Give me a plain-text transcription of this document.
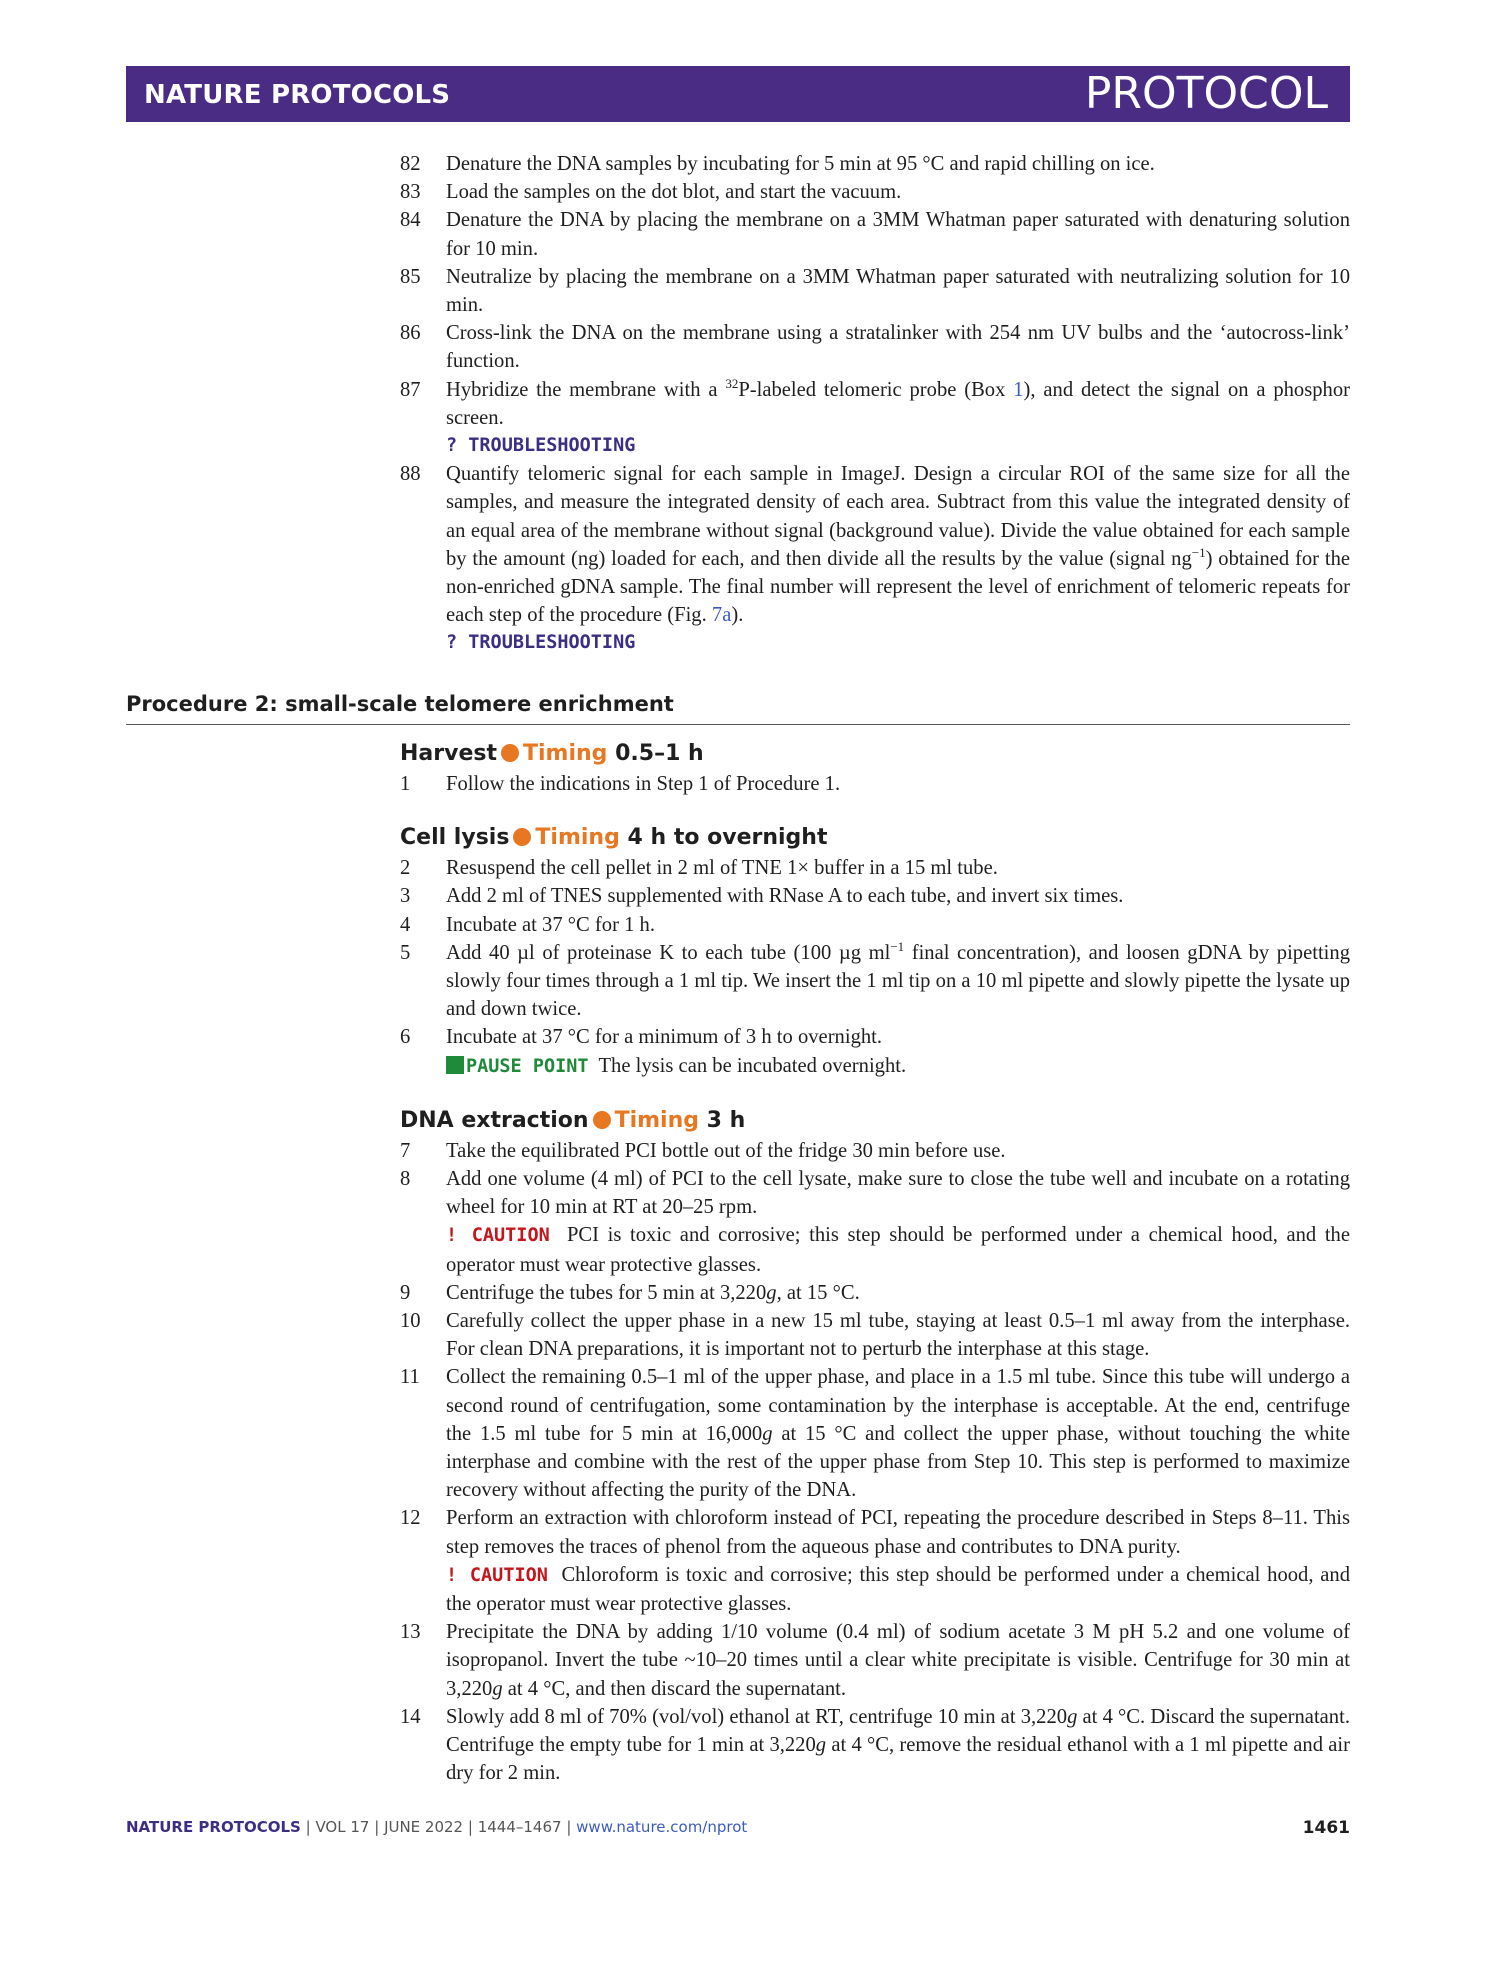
NATURE PROTOCOLS	PROTOCOL
82 Denature the DNA samples by incubating for 5 min at 95 °C and rapid chilling on ice.
83 Load the samples on the dot blot, and start the vacuum.
84 Denature the DNA by placing the membrane on a 3MM Whatman paper saturated with denaturing solution for 10 min.
85 Neutralize by placing the membrane on a 3MM Whatman paper saturated with neutralizing solution for 10 min.
86 Cross-link the DNA on the membrane using a stratalinker with 254 nm UV bulbs and the ‘autocross-link’ function.
87 Hybridize the membrane with a $^{32}$P-labeled telomeric probe (Box 1), and detect the signal on a phosphor screen.
? TROUBLESHOOTING
88 Quantify telomeric signal for each sample in ImageJ. Design a circular ROI of the same size for all the samples, and measure the integrated density of each area. Subtract from this value the integrated density of an equal area of the membrane without signal (background value). Divide the value obtained for each sample by the amount (ng) loaded for each, and then divide all the results by the value (signal $ng^{-1}$) obtained for the non-enriched gDNA sample. The final number will represent the level of enrichment of telomeric repeats for each step of the procedure (Fig. 7a).
? TROUBLESHOOTING
Procedure 2: small-scale telomere enrichment
Harvest Timing 0.5–1 h
1 Follow the indications in Step 1 of Procedure 1.
Cell lysis Timing 4 h to overnight
2 Resuspend the cell pellet in 2 ml of TNE 1× buffer in a 15 ml tube.
3 Add 2 ml of TNES supplemented with RNase A to each tube, and invert six times.
4 Incubate at 37 °C for 1 h.
5 Add 40 µl of proteinase K to each tube (100 µg $ml^{-1}$ final concentration), and loosen gDNA by pipetting slowly four times through a 1 ml tip. We insert the 1 ml tip on a 10 ml pipette and slowly pipette the lysate up and down twice.
6 Incubate at 37 °C for a minimum of 3 h to overnight.
PAUSE POINT The lysis can be incubated overnight.
DNA extraction Timing 3 h
7 Take the equilibrated PCI bottle out of the fridge 30 min before use.
8 Add one volume (4 ml) of PCI to the cell lysate, make sure to close the tube well and incubate on a rotating wheel for 10 min at RT at 20–25 rpm.
! CAUTION PCI is toxic and corrosive; this step should be performed under a chemical hood, and the operator must wear protective glasses.
9 Centrifuge the tubes for 5 min at 3,220g, at 15 °C.
10 Carefully collect the upper phase in a new 15 ml tube, staying at least 0.5–1 ml away from the interphase. For clean DNA preparations, it is important not to perturb the interphase at this stage.
11 Collect the remaining 0.5–1 ml of the upper phase, and place in a 1.5 ml tube. Since this tube will undergo a second round of centrifugation, some contamination by the interphase is acceptable. At the end, centrifuge the 1.5 ml tube for 5 min at 16,000g at 15 °C and collect the upper phase, without touching the white interphase and combine with the rest of the upper phase from Step 10. This step is performed to maximize recovery without affecting the purity of the DNA.
12 Perform an extraction with chloroform instead of PCI, repeating the procedure described in Steps 8–11. This step removes the traces of phenol from the aqueous phase and contributes to DNA purity.
! CAUTION Chloroform is toxic and corrosive; this step should be performed under a chemical hood, and the operator must wear protective glasses.
13 Precipitate the DNA by adding 1/10 volume (0.4 ml) of sodium acetate 3 M pH 5.2 and one volume of isopropanol. Invert the tube ~10–20 times until a clear white precipitate is visible. Centrifuge for 30 min at 3,220g at 4 °C, and then discard the supernatant.
14 Slowly add 8 ml of 70% (vol/vol) ethanol at RT, centrifuge 10 min at 3,220g at 4 °C. Discard the supernatant. Centrifuge the empty tube for 1 min at 3,220g at 4 °C, remove the residual ethanol with a 1 ml pipette and air dry for 2 min.
NATURE PROTOCOLS | VOL 17 | JUNE 2022 | 1444–1467 | www.nature.com/nprot	1461
